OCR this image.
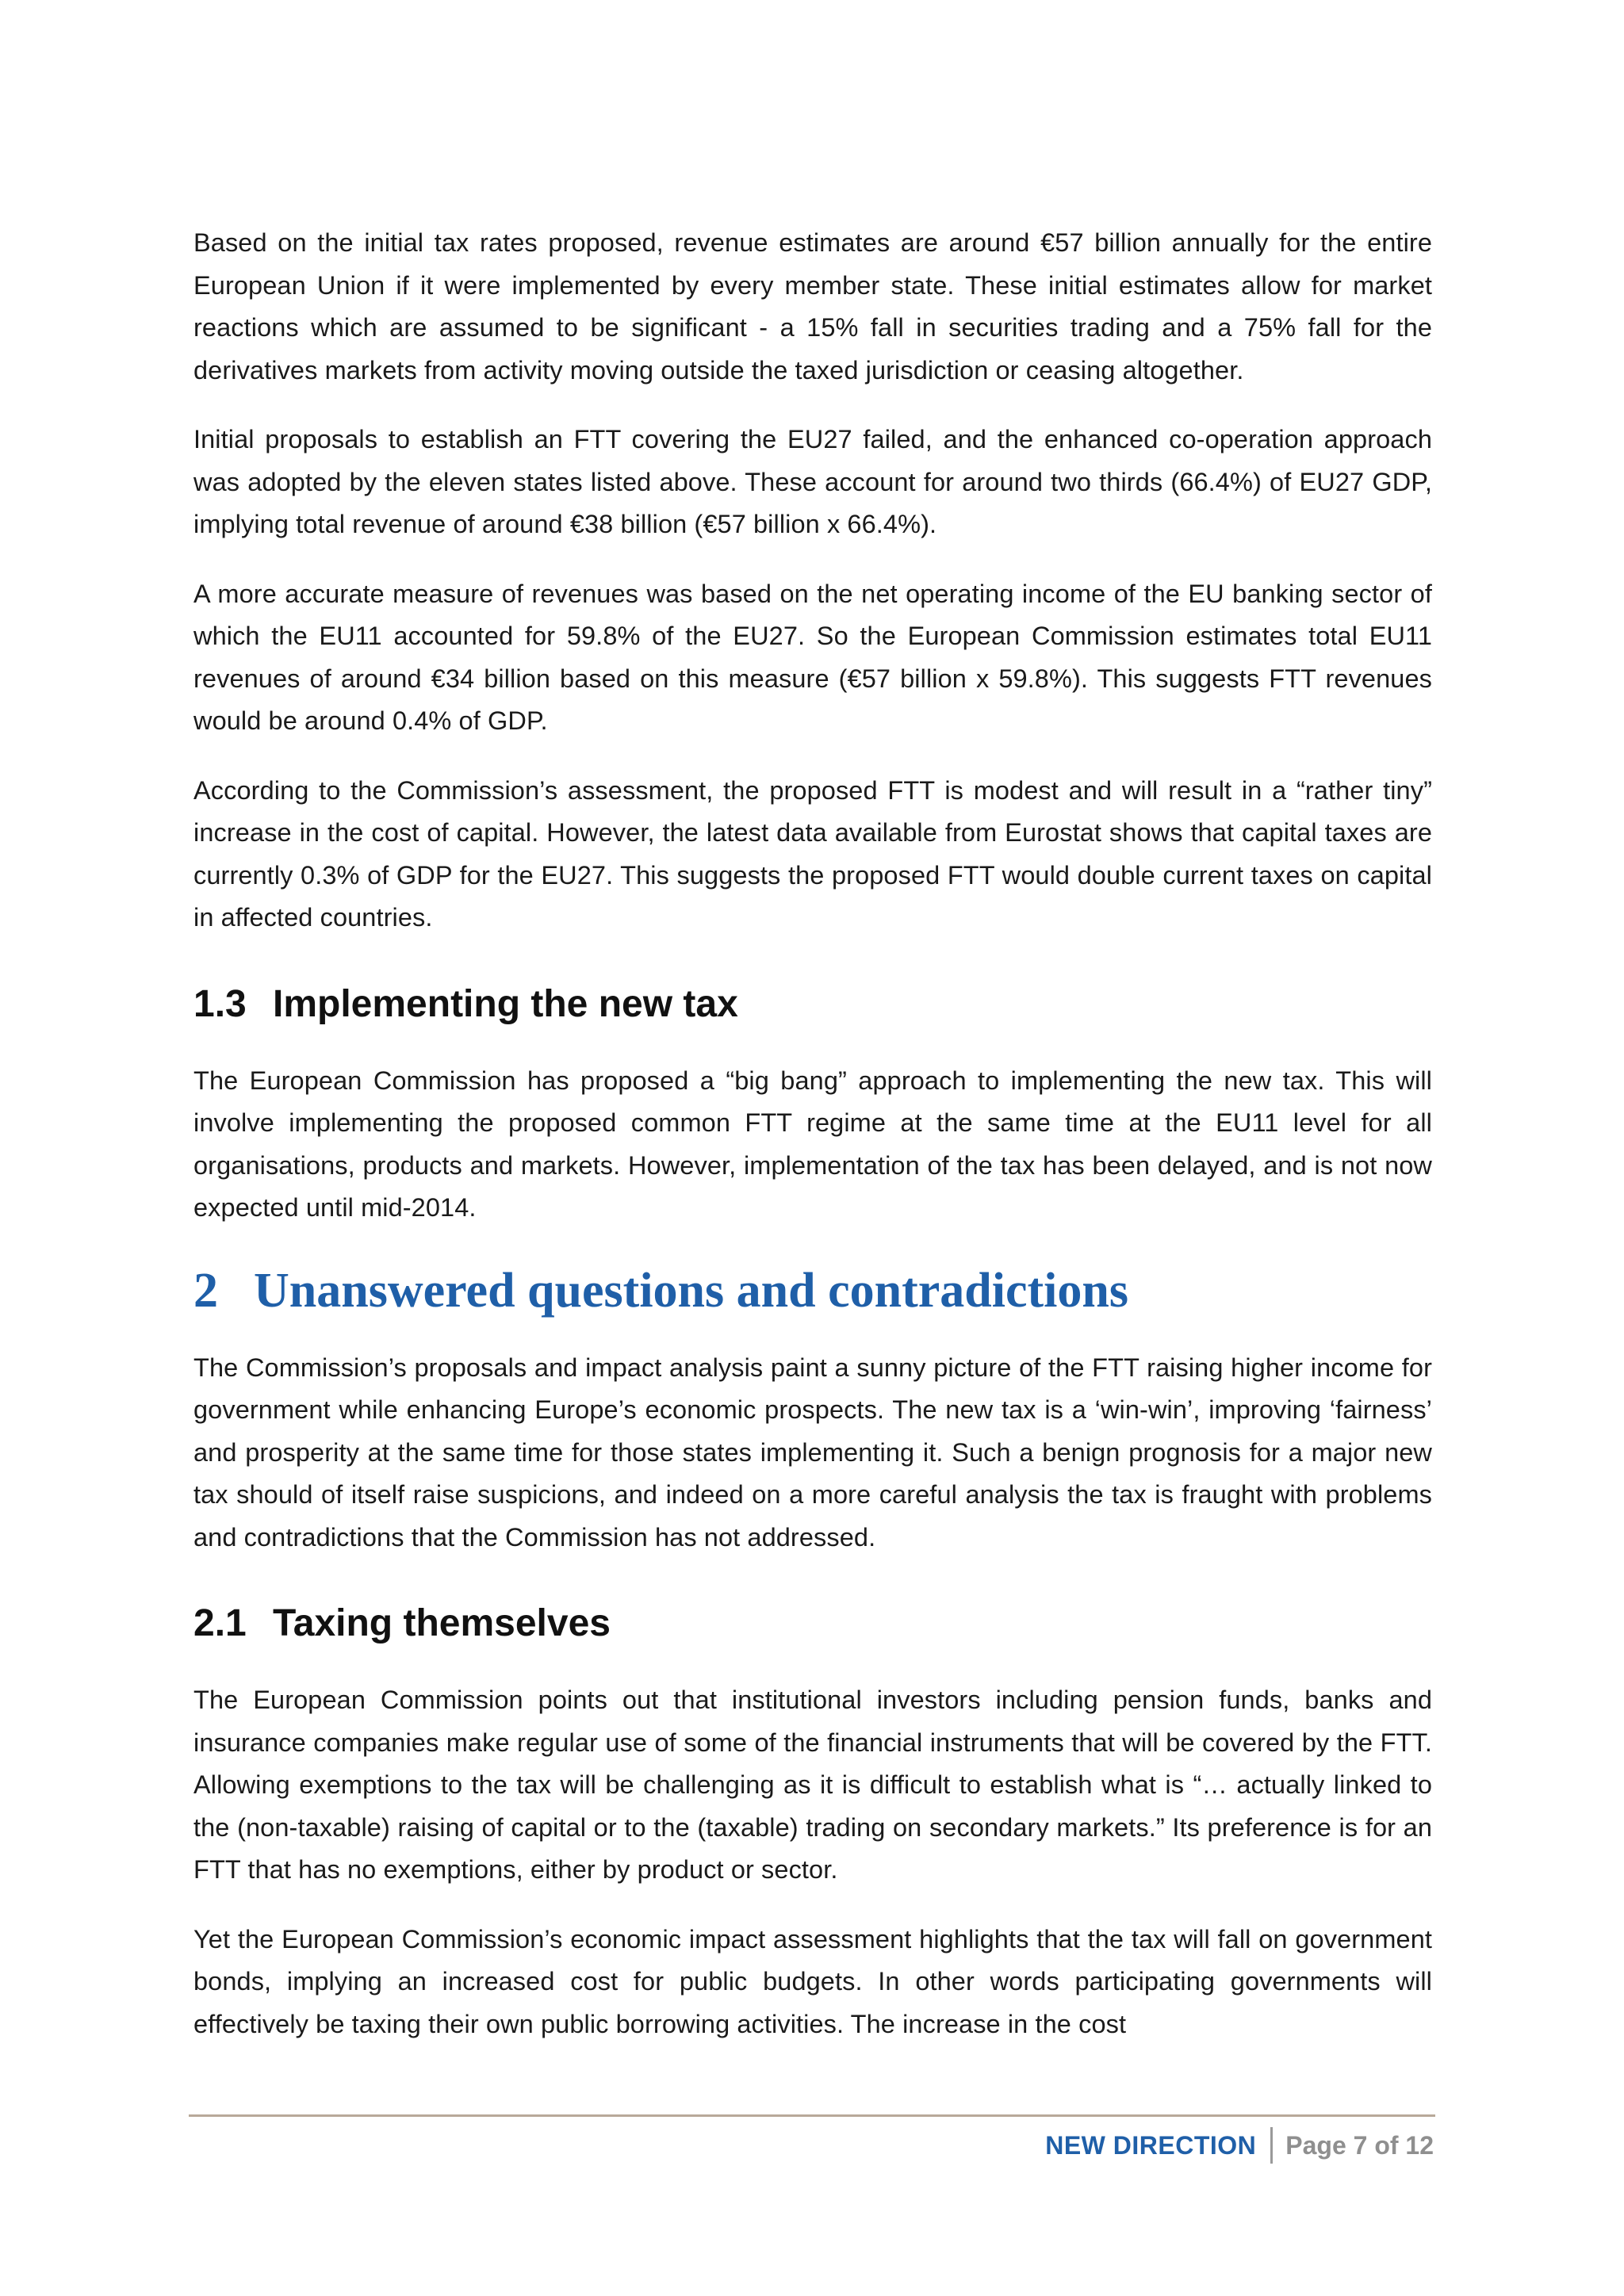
Based on the initial tax rates proposed, revenue estimates are around €57 billion annually for the entire European Union if it were implemented by every member state. These initial estimates allow for market reactions which are assumed to be significant - a 15% fall in securities trading and a 75% fall for the derivatives markets from activity moving outside the taxed jurisdiction or ceasing altogether.

Initial proposals to establish an FTT covering the EU27 failed, and the enhanced co-operation approach was adopted by the eleven states listed above. These account for around two thirds (66.4%) of EU27 GDP, implying total revenue of around €38 billion (€57 billion x 66.4%).

A more accurate measure of revenues was based on the net operating income of the EU banking sector of which the EU11 accounted for 59.8% of the EU27. So the European Commission estimates total EU11 revenues of around €34 billion based on this measure (€57 billion x 59.8%). This suggests FTT revenues would be around 0.4% of GDP.

According to the Commission’s assessment, the proposed FTT is modest and will result in a “rather tiny” increase in the cost of capital. However, the latest data available from Eurostat shows that capital taxes are currently 0.3% of GDP for the EU27. This suggests the proposed FTT would double current taxes on capital in affected countries.

1.3 Implementing the new tax

The European Commission has proposed a “big bang” approach to implementing the new tax. This will involve implementing the proposed common FTT regime at the same time at the EU11 level for all organisations, products and markets. However, implementation of the tax has been delayed, and is not now expected until mid-2014.

2 Unanswered questions and contradictions

The Commission’s proposals and impact analysis paint a sunny picture of the FTT raising higher income for government while enhancing Europe’s economic prospects. The new tax is a ‘win-win’, improving ‘fairness’ and prosperity at the same time for those states implementing it. Such a benign prognosis for a major new tax should of itself raise suspicions, and indeed on a more careful analysis the tax is fraught with problems and contradictions that the Commission has not addressed.

2.1 Taxing themselves

The European Commission points out that institutional investors including pension funds, banks and insurance companies make regular use of some of the financial instruments that will be covered by the FTT. Allowing exemptions to the tax will be challenging as it is difficult to establish what is “… actually linked to the (non-taxable) raising of capital or to the (taxable) trading on secondary markets.” Its preference is for an FTT that has no exemptions, either by product or sector.

Yet the European Commission’s economic impact assessment highlights that the tax will fall on government bonds, implying an increased cost for public budgets. In other words participating governments will effectively be taxing their own public borrowing activities. The increase in the cost

NEW DIRECTION Page 7 of 12
